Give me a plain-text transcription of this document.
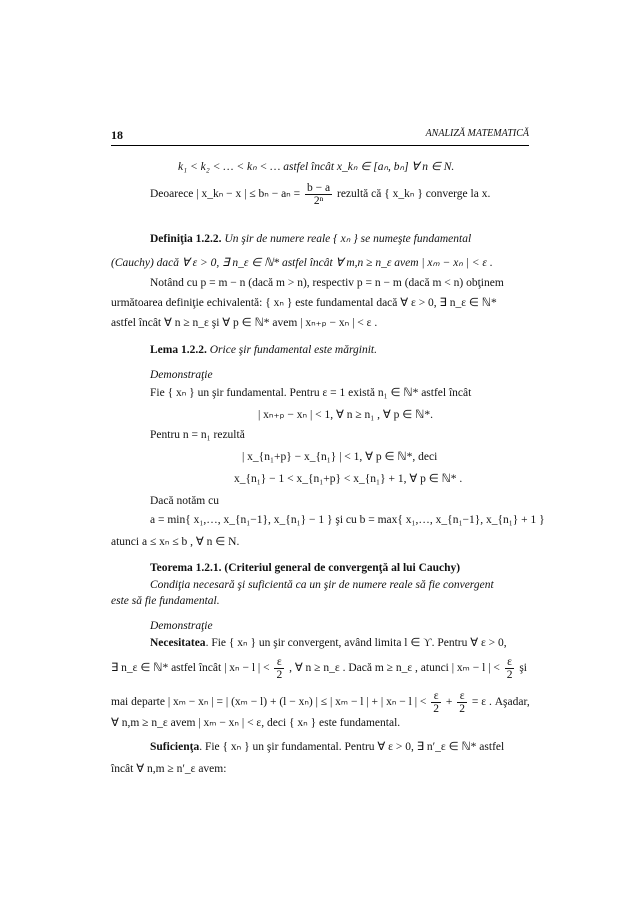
18	ANALIZĂ MATEMATICĂ
k₁ < k₂ < … < kₙ < … astfel încât x_kₙ ∈ [aₙ, bₙ] ∀ n ∈ N.
Deoarece | x_kₙ − x | ≤ $b_n - a_n = \frac{b - a}{\text{2ⁿ}}$ rezultă că { x_kₙ } converge la x.
Definiţia 1.2.2. Un şir de numere reale { xₙ } se numeşte fundamental
(Cauchy) dacă ∀ ε > 0, ∃ n_ε ∈ ℕ* astfel încât ∀ m,n ≥ n_ε avem | xₘ − xₙ | < ε .
Notând cu p = m − n (dacă m > n), respectiv p = n − m (dacă m < n) obţinem
următoarea definiţie echivalentă: { xₙ } este fundamental dacă ∀ ε > 0, ∃ n_ε ∈ ℕ*
astfel încât ∀ n ≥ n_ε şi ∀ p ∈ ℕ* avem | xₙ₊ₚ − xₙ | < ε .
Lema 1.2.2. Orice şir fundamental este mărginit.
Demonstraţie
Fie { xₙ } un şir fundamental. Pentru ε = 1 există n₁ ∈ ℕ* astfel încât
| xₙ₊ₚ − xₙ | < 1, ∀ n ≥ n₁ , ∀ p ∈ ℕ*.
Pentru n = n₁ rezultă
| x_{n₁+p} − x_{n₁} | < 1, ∀ p ∈ ℕ*, deci
x_{n₁} − 1 < x_{n₁+p} < x_{n₁} + 1, ∀ p ∈ ℕ* .
Dacă notăm cu
a = min{ x₁,…, x_{n₁−1}, x_{n₁} − 1 } şi cu b = max{ x₁,…, x_{n₁−1}, x_{n₁} + 1 }
atunci a ≤ xₙ ≤ b , ∀ n ∈ N.
Teorema 1.2.1. (Criteriul general de convergenţă al lui Cauchy)
Condiţia necesară şi suficientă ca un şir de numere reale să fie convergent
este să fie fundamental.
Demonstraţie
Necesitatea. Fie { xₙ } un şir convergent, având limita l ∈ ϒ. Pentru ∀ ε > 0,
∃ n_ε ∈ ℕ* astfel încât | xₙ − l | < $\frac{\varepsilon}{2}$ , ∀ n ≥ n_ε . Dacă m ≥ n_ε , atunci | xₘ − l | < $\frac{\varepsilon}{2}$ şi
mai departe | xₘ − xₙ | = | (xₘ − l) + (l − xₙ) | ≤ | xₘ − l | + | xₙ − l | < $\frac{\varepsilon}{2} + \frac{\varepsilon}{2} = \varepsilon$ . Aşadar,
∀ n,m ≥ n_ε avem | xₘ − xₙ | < ε, deci { xₙ } este fundamental.
Suficienţa. Fie { xₙ } un şir fundamental. Pentru ∀ ε > 0, ∃ n′_ε ∈ ℕ* astfel
încât ∀ n,m ≥ n′_ε avem:
